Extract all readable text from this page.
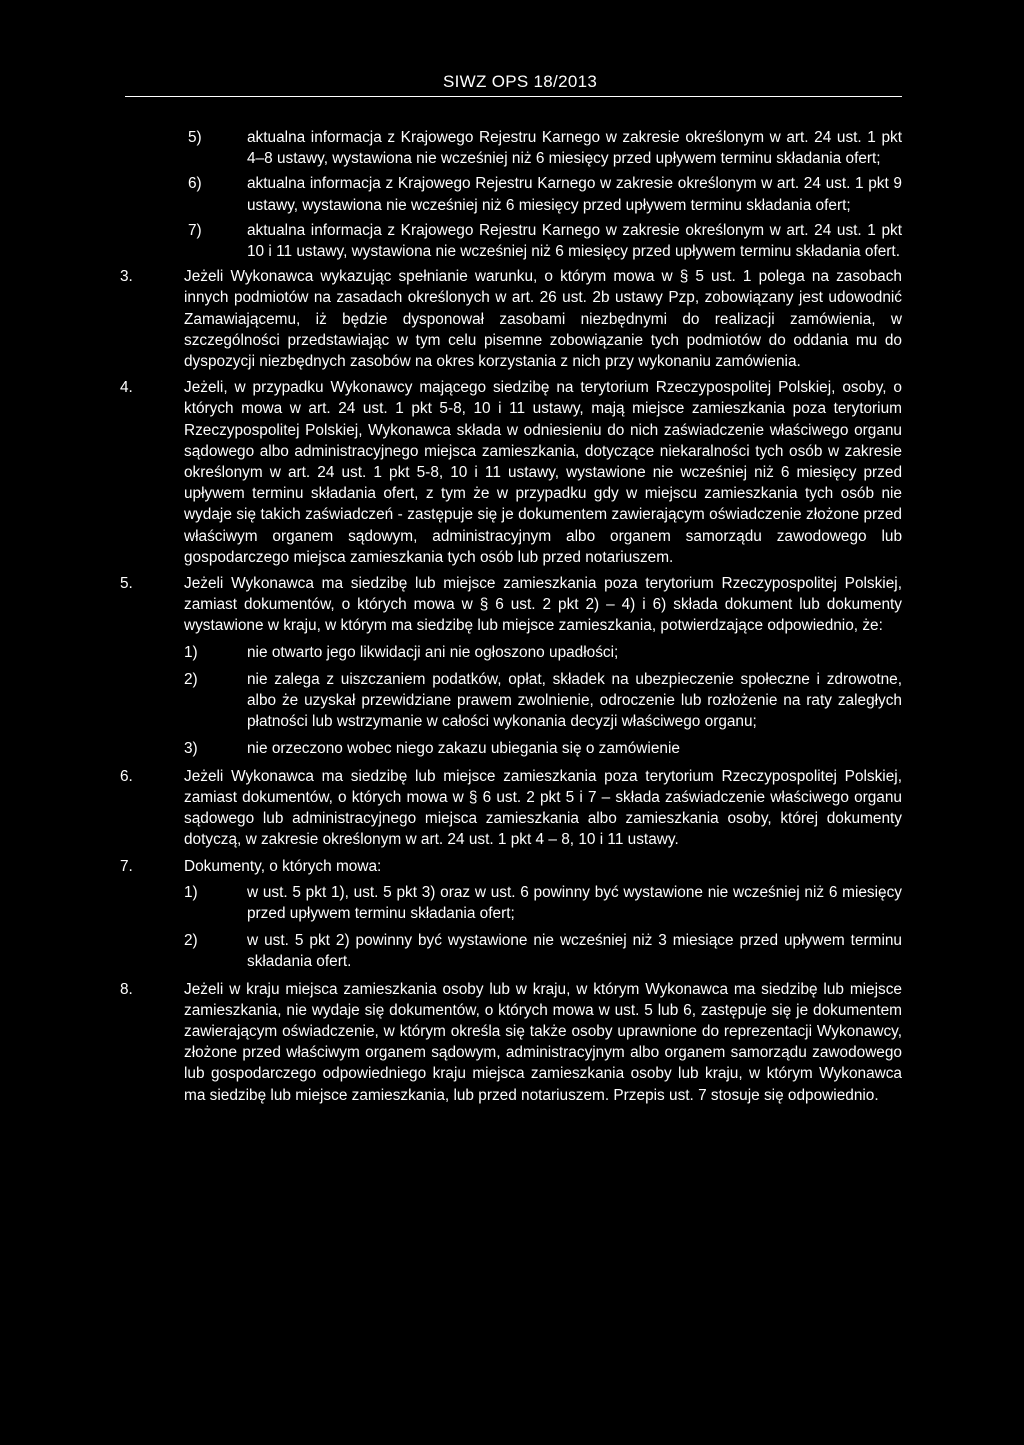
SIWZ OPS 18/2013
5)	aktualna informacja z Krajowego Rejestru Karnego w zakresie określonym w art. 24 ust. 1 pkt 4–8 ustawy, wystawiona nie wcześniej niż 6 miesięcy przed upływem terminu składania ofert;
6)	aktualna informacja z Krajowego Rejestru Karnego w zakresie określonym w art. 24 ust. 1 pkt 9 ustawy, wystawiona nie wcześniej niż 6 miesięcy przed upływem terminu składania ofert;
7)	aktualna informacja z Krajowego Rejestru Karnego w zakresie określonym w art. 24 ust. 1 pkt 10 i 11 ustawy, wystawiona nie wcześniej niż 6 miesięcy przed upływem terminu składania ofert.
3.	Jeżeli Wykonawca wykazując spełnianie warunku, o którym mowa w § 5 ust. 1 polega na zasobach innych podmiotów na zasadach określonych w art. 26 ust. 2b ustawy Pzp, zobowiązany jest udowodnić Zamawiającemu, iż będzie dysponował zasobami niezbędnymi do realizacji zamówienia, w szczególności przedstawiając w tym celu pisemne zobowiązanie tych podmiotów do oddania mu do dyspozycji niezbędnych zasobów na okres korzystania z nich przy wykonaniu zamówienia.
4.	Jeżeli, w przypadku Wykonawcy mającego siedzibę na terytorium Rzeczypospolitej Polskiej, osoby, o których mowa w art. 24 ust. 1 pkt 5-8, 10 i 11 ustawy, mają miejsce zamieszkania poza terytorium Rzeczypospolitej Polskiej, Wykonawca składa w odniesieniu do nich zaświadczenie właściwego organu sądowego albo administracyjnego miejsca zamieszkania, dotyczące niekaralności tych osób w zakresie określonym w art. 24 ust. 1 pkt 5-8, 10 i 11 ustawy, wystawione nie wcześniej niż 6 miesięcy przed upływem terminu składania ofert, z tym że w przypadku gdy w miejscu zamieszkania tych osób nie wydaje się takich zaświadczeń - zastępuje się je dokumentem zawierającym oświadczenie złożone przed właściwym organem sądowym, administracyjnym albo organem samorządu zawodowego lub gospodarczego miejsca zamieszkania tych osób lub przed notariuszem.
5.	Jeżeli Wykonawca ma siedzibę lub miejsce zamieszkania poza terytorium Rzeczypospolitej Polskiej, zamiast dokumentów, o których mowa w § 6 ust. 2 pkt 2) – 4) i 6) składa dokument lub dokumenty wystawione w kraju, w którym ma siedzibę lub miejsce zamieszkania, potwierdzające odpowiednio, że:
1)	nie otwarto jego likwidacji ani nie ogłoszono upadłości;
2)	nie zalega z uiszczaniem podatków, opłat, składek na ubezpieczenie społeczne i zdrowotne, albo że uzyskał przewidziane prawem zwolnienie, odroczenie lub rozłożenie na raty zaległych płatności lub wstrzymanie w całości wykonania decyzji właściwego organu;
3)	nie orzeczono wobec niego zakazu ubiegania się o zamówienie
6.	Jeżeli Wykonawca ma siedzibę lub miejsce zamieszkania poza terytorium Rzeczypospolitej Polskiej, zamiast dokumentów, o których mowa w § 6 ust. 2 pkt 5 i 7 – składa zaświadczenie właściwego organu sądowego lub administracyjnego miejsca zamieszkania albo zamieszkania osoby, której dokumenty dotyczą, w zakresie określonym w art. 24 ust. 1 pkt 4 – 8, 10 i 11 ustawy.
7.	Dokumenty, o których mowa:
1)	w ust. 5 pkt 1), ust. 5 pkt 3) oraz w ust. 6 powinny być wystawione nie wcześniej niż 6 miesięcy przed upływem terminu składania ofert;
2)	w ust. 5 pkt 2) powinny być wystawione nie wcześniej niż 3 miesiące przed upływem terminu składania ofert.
8.	Jeżeli w kraju miejsca zamieszkania osoby lub w kraju, w którym Wykonawca ma siedzibę lub miejsce zamieszkania, nie wydaje się dokumentów, o których mowa w ust. 5 lub 6, zastępuje się je dokumentem zawierającym oświadczenie, w którym określa się także osoby uprawnione do reprezentacji Wykonawcy, złożone przed właściwym organem sądowym, administracyjnym albo organem samorządu zawodowego lub gospodarczego odpowiedniego kraju miejsca zamieszkania osoby lub kraju, w którym Wykonawca ma siedzibę lub miejsce zamieszkania, lub przed notariuszem. Przepis ust. 7 stosuje się odpowiednio.
